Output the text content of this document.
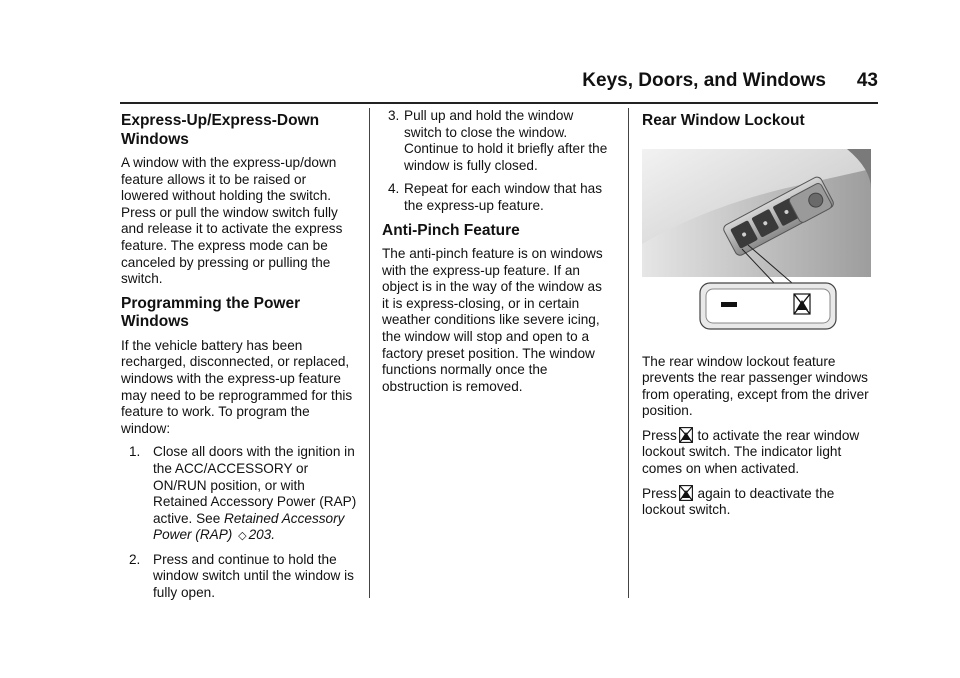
Keys, Doors, and Windows 43
Express-Up/Express-Down Windows

A window with the express-up/down feature allows it to be raised or lowered without holding the switch. Press or pull the window switch fully and release it to activate the express feature. The express mode can be canceled by pressing or pulling the switch.

Programming the Power Windows

If the vehicle battery has been recharged, disconnected, or replaced, windows with the express-up feature may need to be reprogrammed for this feature to work. To program the window:

1. Close all doors with the ignition in the ACC/ACCESSORY or ON/RUN position, or with Retained Accessory Power (RAP) active. See Retained Accessory Power (RAP) ◇ 203.
2. Press and continue to hold the window switch until the window is fully open.
3. Pull up and hold the window switch to close the window. Continue to hold it briefly after the window is fully closed.
4. Repeat for each window that has the express-up feature.
Anti-Pinch Feature

The anti-pinch feature is on windows with the express-up feature. If an object is in the way of the window as it is express-closing, or in certain weather conditions like severe icing, the window will stop and open to a factory preset position. The window functions normally once the obstruction is removed.

Rear Window Lockout

The rear window lockout feature prevents the rear passenger windows from operating, except from the driver position.

Press to activate the rear window lockout switch. The indicator light comes on when activated.

Press again to deactivate the lockout switch.
